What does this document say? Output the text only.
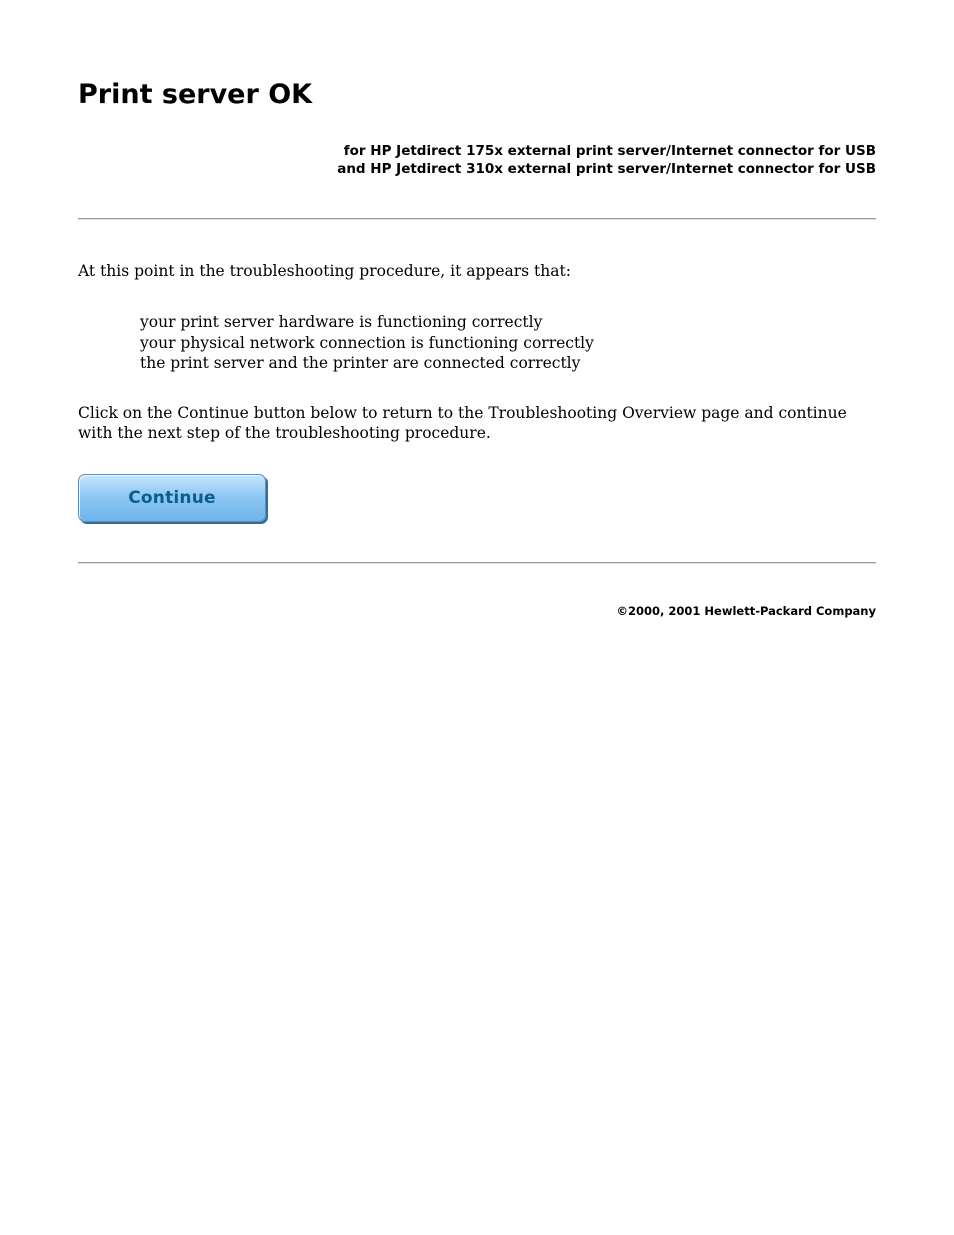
Print server OK
for HP Jetdirect 175x external print server/Internet connector for USB
and HP Jetdirect 310x external print server/Internet connector for USB
At this point in the troubleshooting procedure, it appears that:
your print server hardware is functioning correctly
your physical network connection is functioning correctly
the print server and the printer are connected correctly
Click on the Continue button below to return to the Troubleshooting Overview page and continue with the next step of the troubleshooting procedure.
Continue
©2000, 2001 Hewlett-Packard Company
